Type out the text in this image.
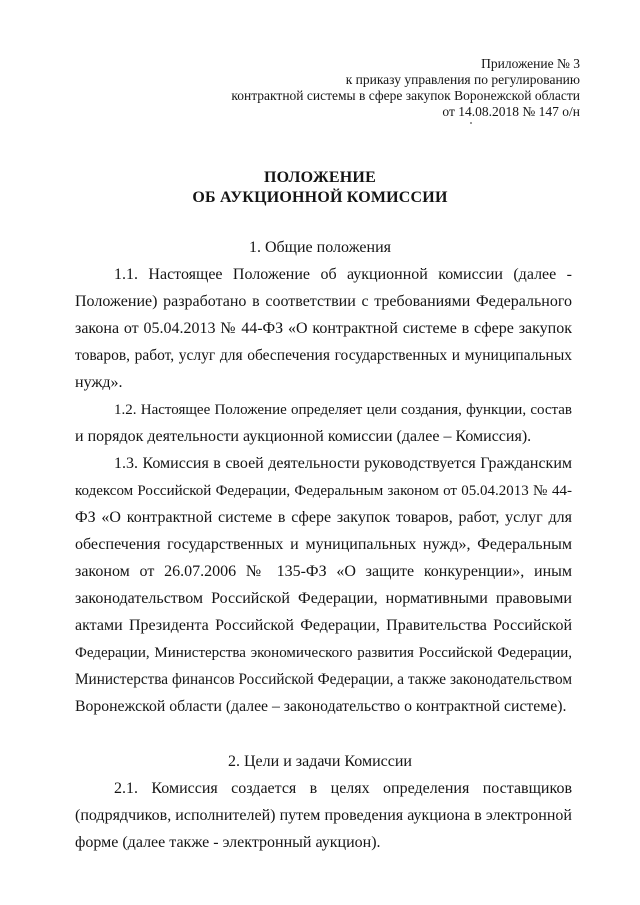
Приложение № 3
к приказу управления по регулированию
контрактной системы в сфере закупок Воронежской области
от 14.08.2018 № 147 о/н
ПОЛОЖЕНИЕ
ОБ АУКЦИОННОЙ КОМИССИИ
1. Общие положения
1.1. Настоящее Положение об аукционной комиссии (далее -
Положение) разработано в соответствии с требованиями Федерального
закона от 05.04.2013 № 44-ФЗ «О контрактной системе в сфере закупок
товаров, работ, услуг для обеспечения государственных и муниципальных
нужд».
1.2. Настоящее Положение определяет цели создания, функции, состав
и порядок деятельности аукционной комиссии (далее – Комиссия).
1.3. Комиссия в своей деятельности руководствуется Гражданским
кодексом Российской Федерации, Федеральным законом от 05.04.2013 № 44-
ФЗ «О контрактной системе в сфере закупок товаров, работ, услуг для
обеспечения государственных и муниципальных нужд», Федеральным
законом от 26.07.2006 № 135-ФЗ «О защите конкуренции», иным
законодательством Российской Федерации, нормативными правовыми
актами Президента Российской Федерации, Правительства Российской
Федерации, Министерства экономического развития Российской Федерации,
Министерства финансов Российской Федерации, а также законодательством
Воронежской области (далее – законодательство о контрактной системе).
2. Цели и задачи Комиссии
2.1. Комиссия создается в целях определения поставщиков
(подрядчиков, исполнителей) путем проведения аукциона в электронной
форме (далее также - электронный аукцион).
